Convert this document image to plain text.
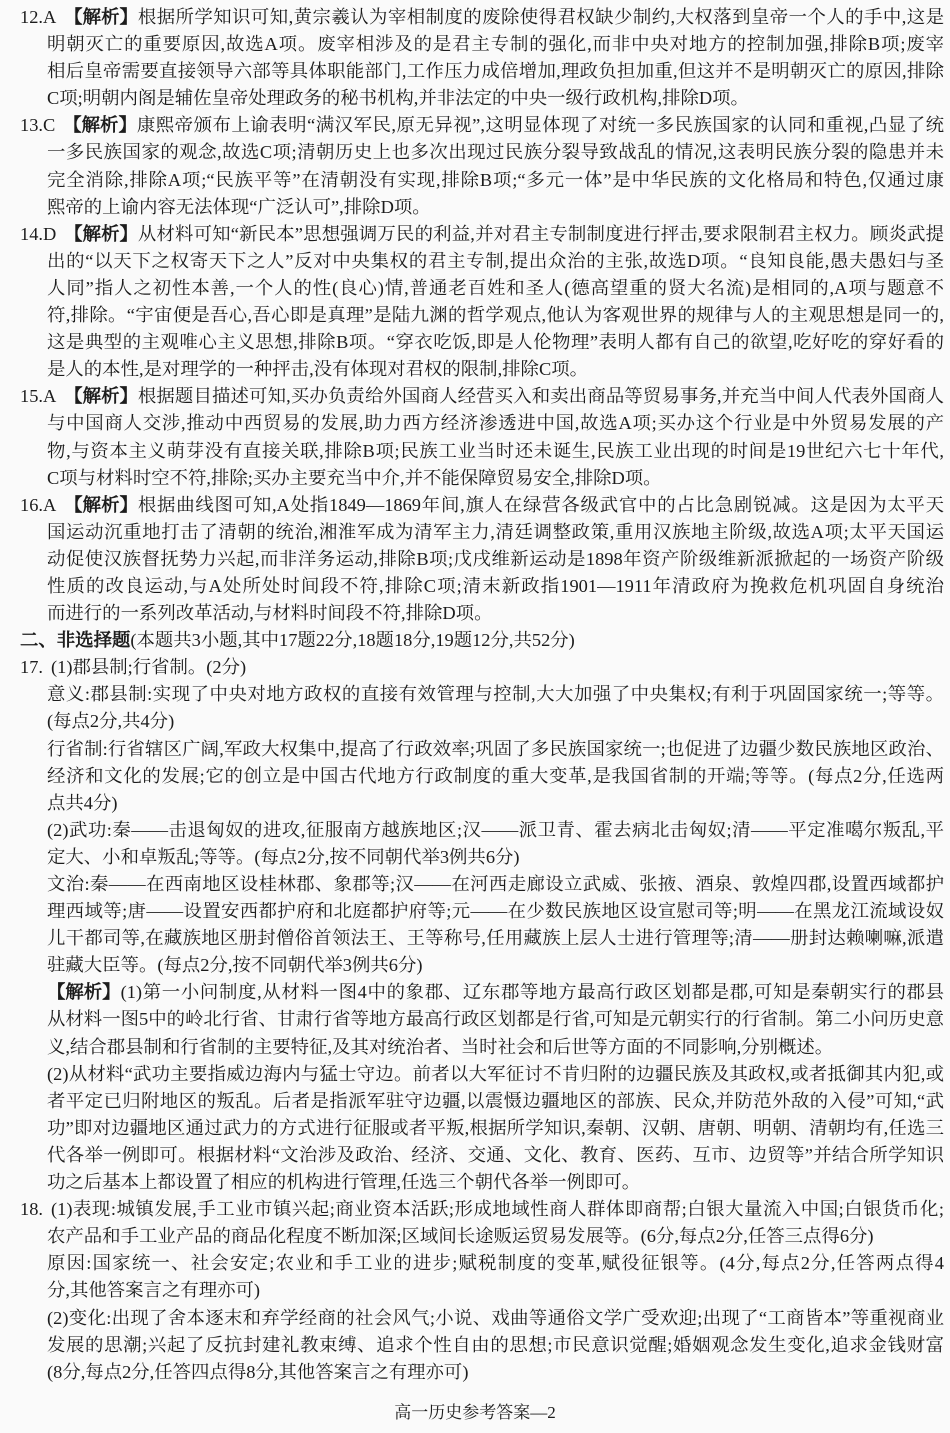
12.A 【解析】 根据所学知识可知,黄宗羲认为宰相制度的废除使得君权缺少制约,大权落到皇帝一个人的手中,这是
明朝灭亡的重要原因,故选A项。废宰相涉及的是君主专制的强化,而非中央对地方的控制加强,排除B项;废宰
相后皇帝需要直接领导六部等具体职能部门,工作压力成倍增加,理政负担加重,但这并不是明朝灭亡的原因,排除
C项;明朝内阁是辅佐皇帝处理政务的秘书机构,并非法定的中央一级行政机构,排除D项。
13.C 【解析】 康熙帝颁布上谕表明“满汉军民,原无异视”,这明显体现了对统一多民族国家的认同和重视,凸显了统
一多民族国家的观念,故选C项;清朝历史上也多次出现过民族分裂导致战乱的情况,这表明民族分裂的隐患并未
完全消除,排除A项;“民族平等”在清朝没有实现,排除B项;“多元一体”是中华民族的文化格局和特色,仅通过康
熙帝的上谕内容无法体现“广泛认可”,排除D项。
14.D 【解析】 从材料可知“新民本”思想强调万民的利益,并对君主专制制度进行抨击,要求限制君主权力。顾炎武提
出的“以天下之权寄天下之人”反对中央集权的君主专制,提出众治的主张,故选D项。“良知良能,愚夫愚妇与圣
人同”指人之初性本善,一个人的性(良心)情,普通老百姓和圣人(德高望重的贤大名流)是相同的,A项与题意不
符,排除。“宇宙便是吾心,吾心即是真理”是陆九渊的哲学观点,他认为客观世界的规律与人的主观思想是同一的,
这是典型的主观唯心主义思想,排除B项。“穿衣吃饭,即是人伦物理”表明人都有自己的欲望,吃好吃的穿好看的
是人的本性,是对理学的一种抨击,没有体现对君权的限制,排除C项。
15.A 【解析】 根据题目描述可知,买办负责给外国商人经营买入和卖出商品等贸易事务,并充当中间人代表外国商人
与中国商人交涉,推动中西贸易的发展,助力西方经济渗透进中国,故选A项;买办这个行业是中外贸易发展的产
物,与资本主义萌芽没有直接关联,排除B项;民族工业当时还未诞生,民族工业出现的时间是19世纪六七十年代,
C项与材料时空不符,排除;买办主要充当中介,并不能保障贸易安全,排除D项。
16.A 【解析】 根据曲线图可知,A处指1849—1869年间,旗人在绿营各级武官中的占比急剧锐减。这是因为太平天
国运动沉重地打击了清朝的统治,湘淮军成为清军主力,清廷调整政策,重用汉族地主阶级,故选A项;太平天国运
动促使汉族督抚势力兴起,而非洋务运动,排除B项;戊戌维新运动是1898年资产阶级维新派掀起的一场资产阶级
性质的改良运动,与A处所处时间段不符,排除C项;清末新政指1901—1911年清政府为挽救危机巩固自身统治
而进行的一系列改革活动,与材料时间段不符,排除D项。
二、非选择题 (本题共3小题,其中17题22分,18题18分,19题12分,共52分)
17. (1)郡县制;行省制。(2分)
意义:郡县制:实现了中央对地方政权的直接有效管理与控制,大大加强了中央集权;有利于巩固国家统一;等等。
(每点2分,共4分)
行省制:行省辖区广阔,军政大权集中,提高了行政效率;巩固了多民族国家统一;也促进了边疆少数民族地区政治、
经济和文化的发展;它的创立是中国古代地方行政制度的重大变革,是我国省制的开端;等等。(每点2分,任选两
点共4分)
(2)武功:秦——击退匈奴的进攻,征服南方越族地区;汉——派卫青、霍去病北击匈奴;清——平定准噶尔叛乱,平
定大、小和卓叛乱;等等。(每点2分,按不同朝代举3例共6分)
文治:秦——在西南地区设桂林郡、象郡等;汉——在河西走廊设立武威、张掖、酒泉、敦煌四郡,设置西域都护
理西域等;唐——设置安西都护府和北庭都护府等;元——在少数民族地区设宣慰司等;明——在黑龙江流域设奴
儿干都司等,在藏族地区册封僧俗首领法王、王等称号,任用藏族上层人士进行管理等;清——册封达赖喇嘛,派遣
驻藏大臣等。(每点2分,按不同朝代举3例共6分)
【解析】 (1)第一小问制度,从材料一图4中的象郡、辽东郡等地方最高行政区划都是郡,可知是秦朝实行的郡县
从材料一图5中的岭北行省、甘肃行省等地方最高行政区划都是行省,可知是元朝实行的行省制。第二小问历史意
义,结合郡县制和行省制的主要特征,及其对统治者、当时社会和后世等方面的不同影响,分别概述。
(2)从材料“武功主要指威边海内与猛士守边。前者以大军征讨不肯归附的边疆民族及其政权,或者抵御其内犯,或
者平定已归附地区的叛乱。后者是指派军驻守边疆,以震慑边疆地区的部族、民众,并防范外敌的入侵”可知,“武
功”即对边疆地区通过武力的方式进行征服或者平叛,根据所学知识,秦朝、汉朝、唐朝、明朝、清朝均有,任选三
代各举一例即可。根据材料“文治涉及政治、经济、交通、文化、教育、医药、互市、边贸等”并结合所学知识
功之后基本上都设置了相应的机构进行管理,任选三个朝代各举一例即可。
18. (1)表现:城镇发展,手工业市镇兴起;商业资本活跃;形成地域性商人群体即商帮;白银大量流入中国;白银货币化;
农产品和手工业产品的商品化程度不断加深;区域间长途贩运贸易发展等。(6分,每点2分,任答三点得6分)
原因:国家统一、社会安定;农业和手工业的进步;赋税制度的变革,赋役征银等。(4分,每点2分,任答两点得4
分,其他答案言之有理亦可)
(2)变化:出现了舍本逐末和弃学经商的社会风气;小说、戏曲等通俗文学广受欢迎;出现了“工商皆本”等重视商业
发展的思潮;兴起了反抗封建礼教束缚、追求个性自由的思想;市民意识觉醒;婚姻观念发生变化,追求金钱财富
(8分,每点2分,任答四点得8分,其他答案言之有理亦可)
高一历史参考答案—2
